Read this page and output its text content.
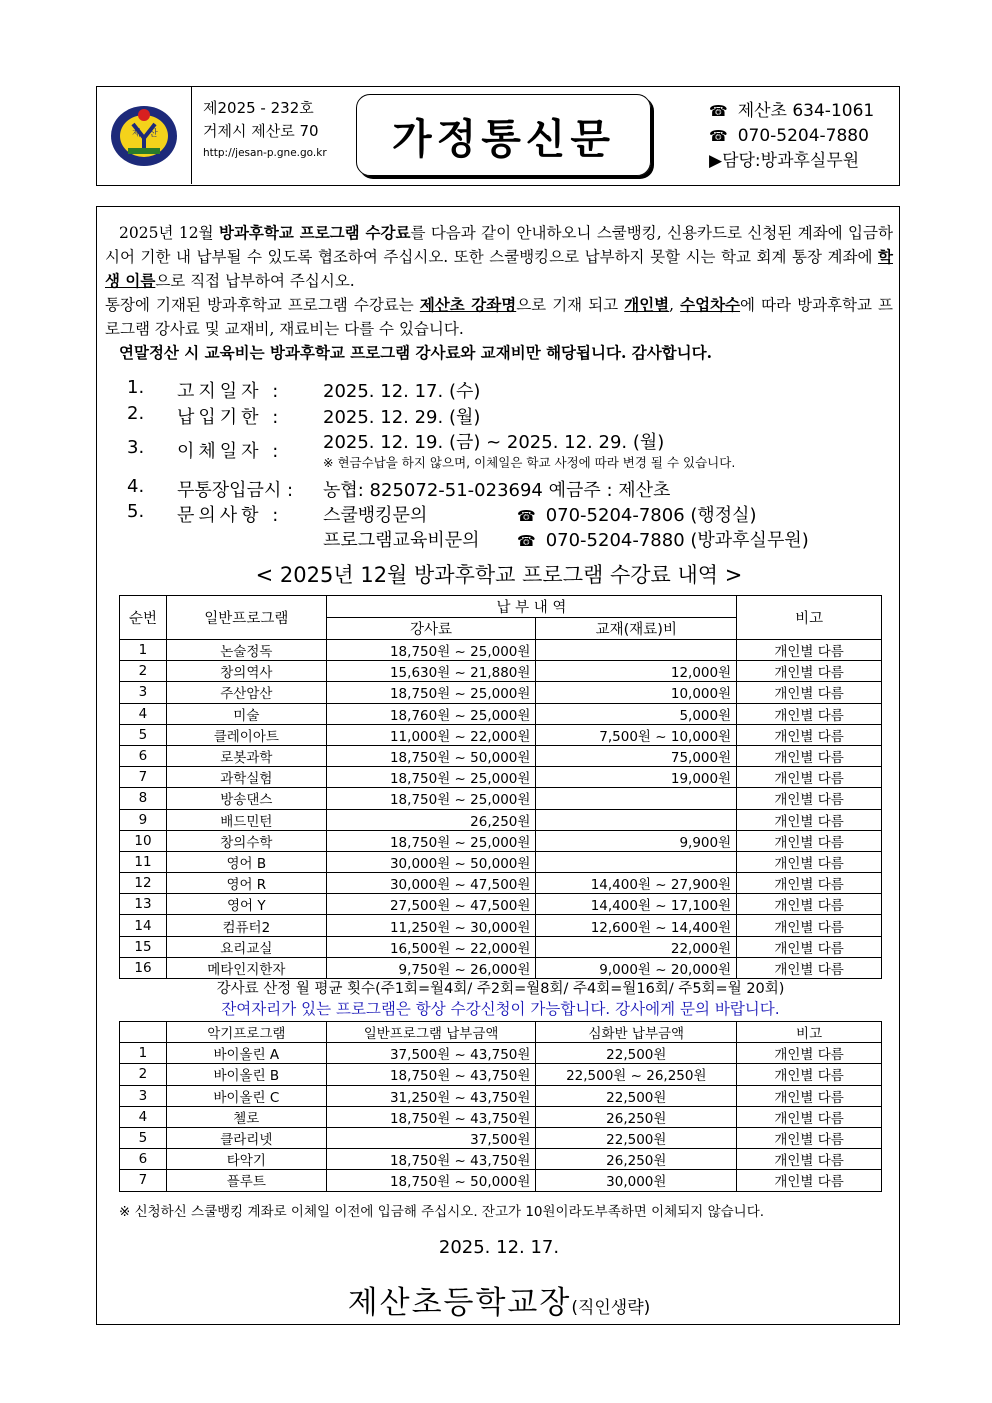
제 산
제2025 - 232호
거제시 제산로 70
http://jesan-p.gne.go.kr	가정통신문
☎ 제산초 634-1061
☎ 070-5204-7880
▶담당:방과후실무원

2025년 12월 방과후학교 프로그램 수강료를 다음과 같이 안내하오니 스쿨뱅킹, 신용카드로 신청된 계좌에 입금하시어 기한 내 납부될 수 있도록 협조하여 주십시오. 또한 스쿨뱅킹으로 납부하지 못할 시는 학교 회계 통장 계좌에 학생 이름으로 직접 납부하여 주십시오.

통장에 기재된 방과후학교 프로그램 수강료는 제산초 강좌명으로 기재 되고 개인별, 수업차수에 따라 방과후학교 프로그램 강사료 및 교재비, 재료비는 다를 수 있습니다.

연말정산 시 교육비는 방과후학교 프로그램 강사료와 교재비만 해당됩니다. 감사합니다.

1. 고지일자 : 2025. 12. 17. (수)
2. 납입기한 : 2025. 12. 29. (월)
3. 이체일자 : 2025. 12. 19. (금) ~ 2025. 12. 29. (월)
※ 현금수납을 하지 않으며, 이체일은 학교 사정에 따라 변경 될 수 있습니다.
4. 무통장입금시 : 농협: 825072-51-023694 예금주 : 제산초
5. 문의사항 : 스쿨뱅킹문의	☎ 070-5204-7806 (행정실)
프로그램교육비문의	☎ 070-5204-7880 (방과후실무원)
< 2025년 12월 방과후학교 프로그램 수강료 내역 >
순번	일반프로그램	납 부 내 역		비고
		강사료	교재(재료)비	
1	논술정독	18,750원 ~ 25,000원		개인별 다름
2	창의역사	15,630원 ~ 21,880원	12,000원	개인별 다름
3	주산암산	18,750원 ~ 25,000원	10,000원	개인별 다름
4	미술	18,760원 ~ 25,000원	5,000원	개인별 다름
5	클레이아트	11,000원 ~ 22,000원	7,500원 ~ 10,000원	개인별 다름
6	로봇과학	18,750원 ~ 50,000원	75,000원	개인별 다름
7	과학실험	18,750원 ~ 25,000원	19,000원	개인별 다름
8	방송댄스	18,750원 ~ 25,000원		개인별 다름
9	배드민턴	26,250원		개인별 다름
10	창의수학	18,750원 ~ 25,000원	9,900원	개인별 다름
11	영어 B	30,000원 ~ 50,000원		개인별 다름
12	영어 R	30,000원 ~ 47,500원	14,400원 ~ 27,900원	개인별 다름
13	영어 Y	27,500원 ~ 47,500원	14,400원 ~ 17,100원	개인별 다름
14	컴퓨터2	11,250원 ~ 30,000원	12,600원 ~ 14,400원	개인별 다름
15	요리교실	16,500원 ~ 22,000원	22,000원	개인별 다름
16	메타인지한자	9,750원 ~ 26,000원	9,000원 ~ 20,000원	개인별 다름
강사료 산정 월 평균 횟수(주1회=월4회/ 주2회=월8회/ 주4회=월16회/ 주5회=월 20회)
잔여자리가 있는 프로그램은 항상 수강신청이 가능합니다. 강사에게 문의 바랍니다.
	악기프로그램	일반프로그램 납부금액	심화반 납부금액	비고
1	바이올린 A	37,500원 ~ 43,750원	22,500원	개인별 다름
2	바이올린 B	18,750원 ~ 43,750원	22,500원 ~ 26,250원	개인별 다름
3	바이올린 C	31,250원 ~ 43,750원	22,500원	개인별 다름
4	첼로	18,750원 ~ 43,750원	26,250원	개인별 다름
5	클라리넷	37,500원	22,500원	개인별 다름
6	타악기	18,750원 ~ 43,750원	26,250원	개인별 다름
7	플루트	18,750원 ~ 50,000원	30,000원	개인별 다름
※ 신청하신 스쿨뱅킹 계좌로 이체일 이전에 입금해 주십시오. 잔고가 10원이라도부족하면 이체되지 않습니다.
2025. 12. 17.
제산초등학교장(직인생략)
